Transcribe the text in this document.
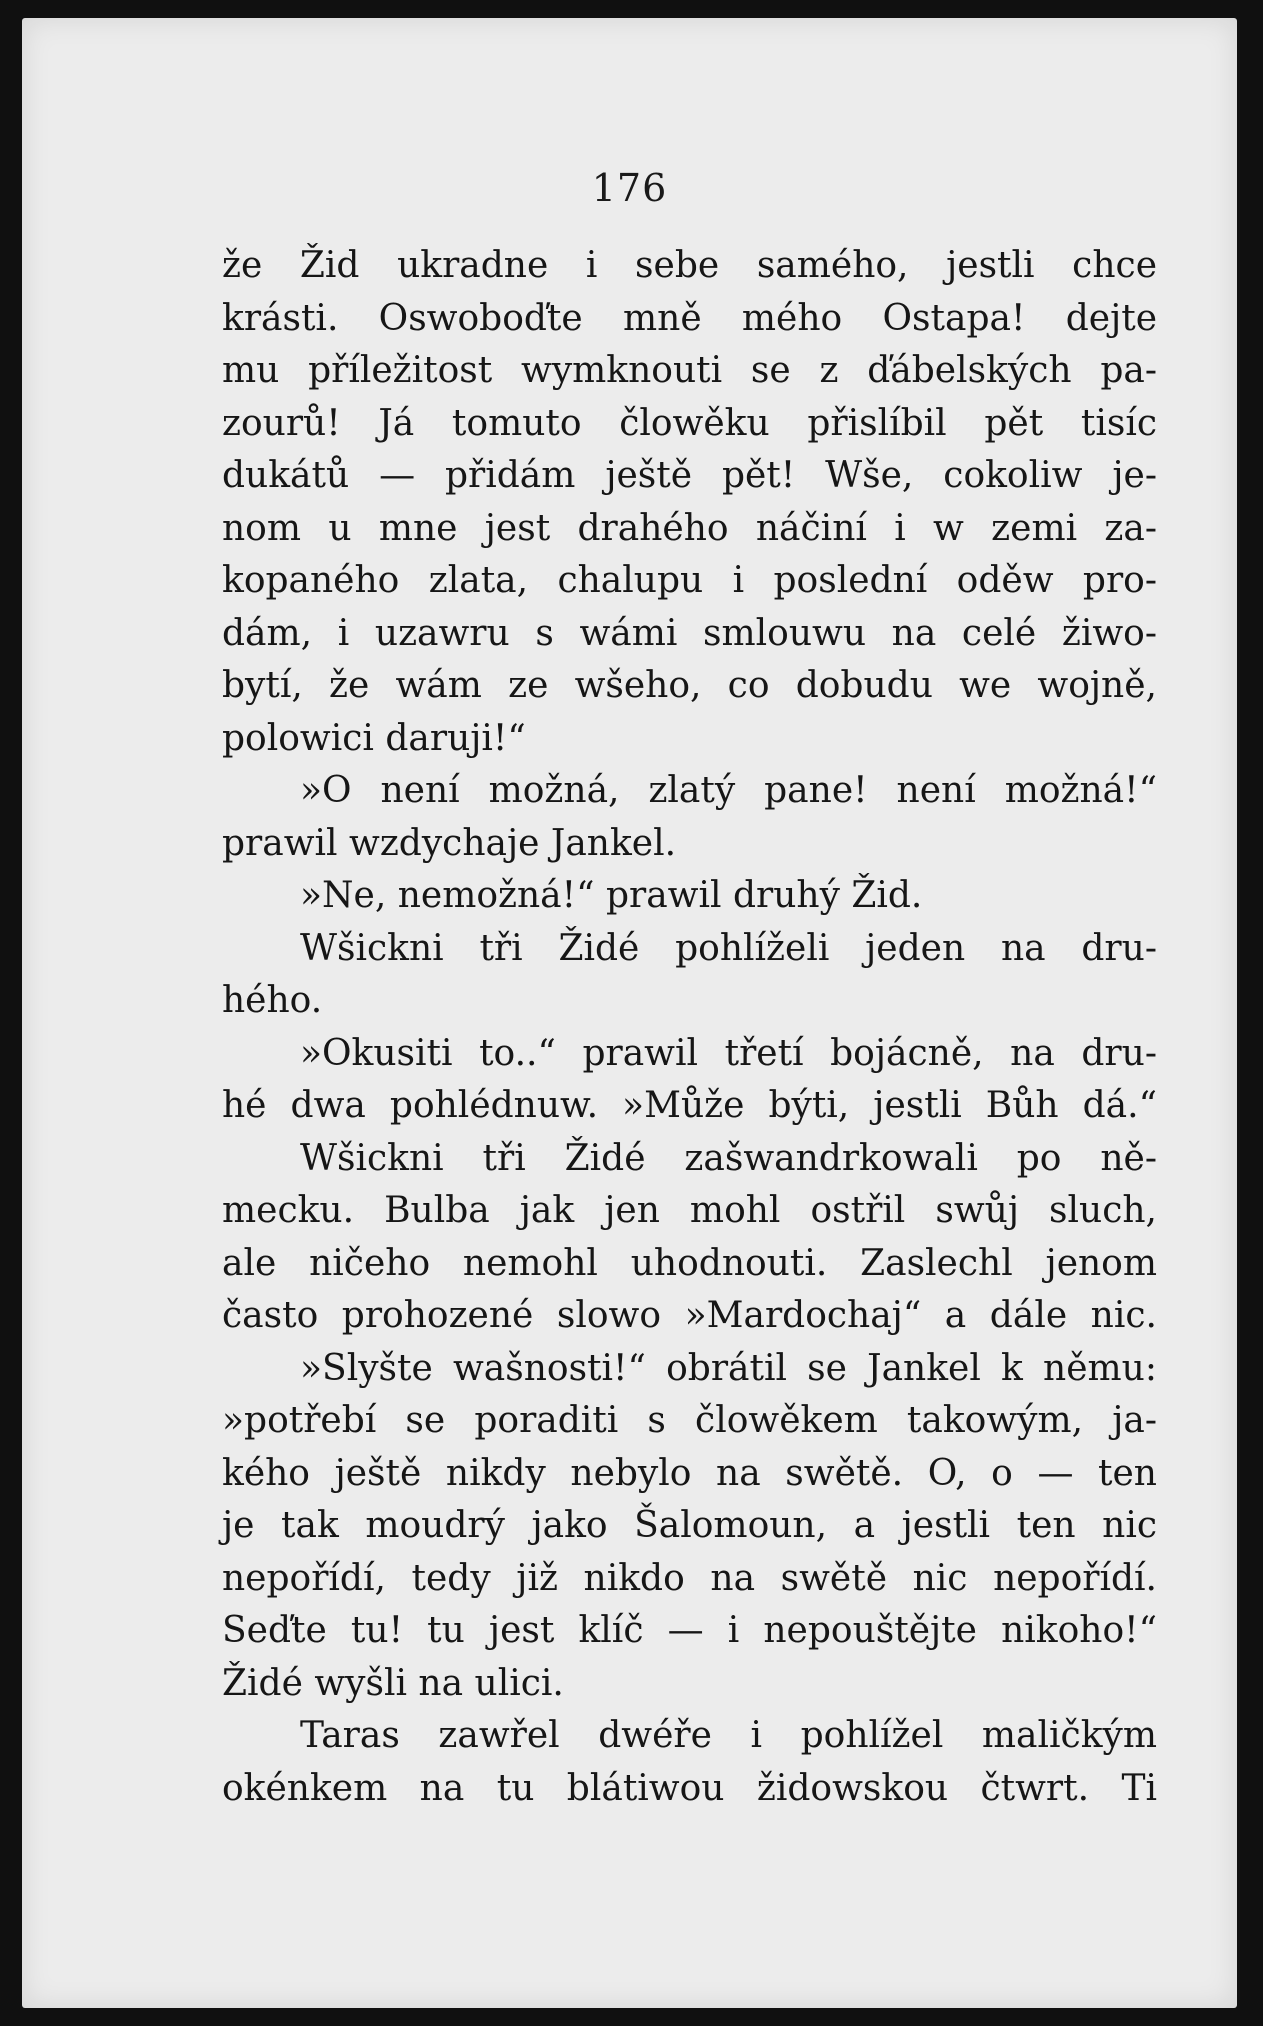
176
že Žid ukradne i sebe samého, jestli chce
krásti. Oswoboďte mně mého Ostapa! dejte
mu příležitost wymknouti se z ďábelských pa-
zourů! Já tomuto člowěku přislíbil pět tisíc
dukátů — přidám ještě pět! Wše, cokoliw je-
nom u mne jest drahého náčiní i w zemi za-
kopaného zlata, chalupu i poslední oděw pro-
dám, i uzawru s wámi smlouwu na celé žiwo-
bytí, že wám ze wšeho, co dobudu we wojně,
polowici daruji!“
»O není možná, zlatý pane! není možná!“
prawil wzdychaje Jankel.
»Ne, nemožná!“ prawil druhý Žid.
Wšickni tři Židé pohlíželi jeden na dru-
hého.
»Okusiti to..“ prawil třetí bojácně, na dru-
hé dwa pohlédnuw. »Může býti, jestli Bůh dá.“
Wšickni tři Židé zašwandrkowali po ně-
mecku. Bulba jak jen mohl ostřil swůj sluch,
ale ničeho nemohl uhodnouti. Zaslechl jenom
často prohozené slowo »Mardochaj“ a dále nic.
»Slyšte wašnosti!“ obrátil se Jankel k němu:
»potřebí se poraditi s člowěkem takowým, ja-
kého ještě nikdy nebylo na swětě. O, o — ten
je tak moudrý jako Šalomoun, a jestli ten nic
nepořídí, tedy již nikdo na swětě nic nepořídí.
Seďte tu! tu jest klíč — i nepouštějte nikoho!“
Židé wyšli na ulici.
Taras zawřel dwéře i pohlížel maličkým
okénkem na tu blátiwou židowskou čtwrt. Ti
